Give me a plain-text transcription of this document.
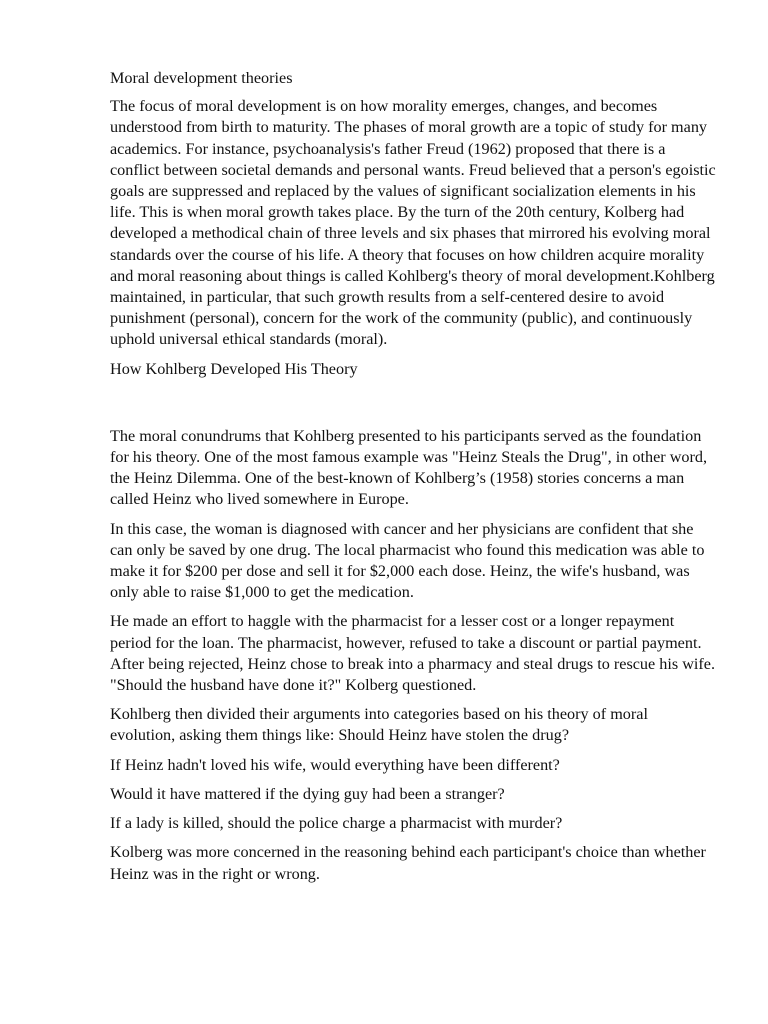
Moral development theories

The focus of moral development is on how morality emerges, changes, and becomes understood from birth to maturity. The phases of moral growth are a topic of study for many academics. For instance, psychoanalysis's father Freud (1962) proposed that there is a conflict between societal demands and personal wants. Freud believed that a person's egoistic goals are suppressed and replaced by the values of significant socialization elements in his life. This is when moral growth takes place. By the turn of the 20th century, Kolberg had developed a methodical chain of three levels and six phases that mirrored his evolving moral standards over the course of his life. A theory that focuses on how children acquire morality and moral reasoning about things is called Kohlberg's theory of moral development.Kohlberg maintained, in particular, that such growth results from a self-centered desire to avoid punishment (personal), concern for the work of the community (public), and continuously uphold universal ethical standards (moral).

How Kohlberg Developed His Theory

The moral conundrums that Kohlberg presented to his participants served as the foundation for his theory. One of the most famous example was "Heinz Steals the Drug", in other word, the Heinz Dilemma. One of the best-known of Kohlberg’s (1958) stories concerns a man called Heinz who lived somewhere in Europe.

In this case, the woman is diagnosed with cancer and her physicians are confident that she can only be saved by one drug. The local pharmacist who found this medication was able to make it for $200 per dose and sell it for $2,000 each dose. Heinz, the wife's husband, was only able to raise $1,000 to get the medication.

He made an effort to haggle with the pharmacist for a lesser cost or a longer repayment period for the loan. The pharmacist, however, refused to take a discount or partial payment. After being rejected, Heinz chose to break into a pharmacy and steal drugs to rescue his wife. "Should the husband have done it?" Kolberg questioned.

Kohlberg then divided their arguments into categories based on his theory of moral evolution, asking them things like: Should Heinz have stolen the drug?

If Heinz hadn't loved his wife, would everything have been different?

Would it have mattered if the dying guy had been a stranger?

If a lady is killed, should the police charge a pharmacist with murder?

Kolberg was more concerned in the reasoning behind each participant's choice than whether Heinz was in the right or wrong.
